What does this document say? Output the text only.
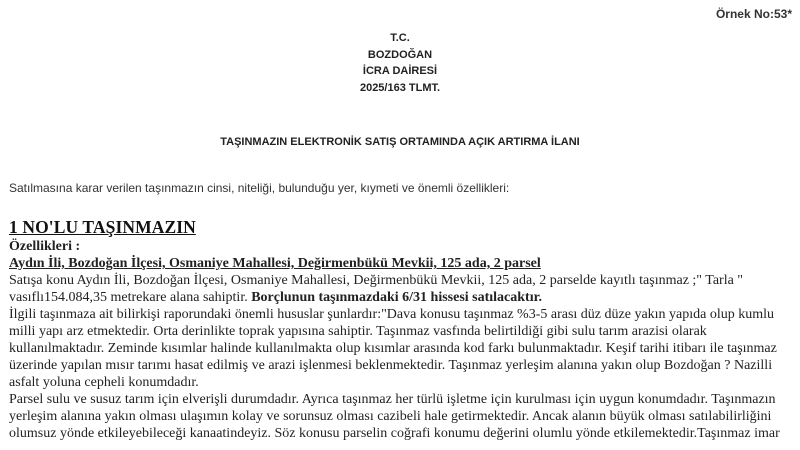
Örnek No:53*
T.C.
BOZDOĞAN
İCRA DAİRESİ
2025/163 TLMT.
TAŞINMAZIN ELEKTRONİK SATIŞ ORTAMINDA AÇIK ARTIRMA İLANI
Satılmasına karar verilen taşınmazın cinsi, niteliği, bulunduğu yer, kıymeti ve önemli özellikleri:
1 NO'LU TAŞINMAZIN

Özellikleri :

Aydın İli, Bozdoğan İlçesi, Osmaniye Mahallesi, Değirmenbükü Mevkii, 125 ada, 2 parsel

Satışa konu Aydın İli, Bozdoğan İlçesi, Osmaniye Mahallesi, Değirmenbükü Mevkii, 125 ada, 2 parselde kayıtlı taşınmaz ;" Tarla " vasıflı154.084,35 metrekare alana sahiptir. Borçlunun taşınmazdaki 6/31 hissesi satılacaktır.

İlgili taşınmaza ait bilirkişi raporundaki önemli hususlar şunlardır:"Dava konusu taşınmaz %3-5 arası düz düze yakın yapıda olup kumlu milli yapı arz etmektedir. Orta derinlikte toprak yapısına sahiptir. Taşınmaz vasfında belirtildiği gibi sulu tarım arazisi olarak kullanılmaktadır. Zeminde kısımlar halinde kullanılmakta olup kısımlar arasında kod farkı bulunmaktadır. Keşif tarihi itibarı ile taşınmaz üzerinde yapılan mısır tarımı hasat edilmiş ve arazi işlenmesi beklenmektedir. Taşınmaz yerleşim alanına yakın olup Bozdoğan ? Nazilli asfalt yoluna cepheli konumdadır.

Parsel sulu ve susuz tarım için elverişli durumdadır. Ayrıca taşınmaz her türlü işletme için kurulması için uygun konumdadır. Taşınmazın yerleşim alanına yakın olması ulaşımın kolay ve sorunsuz olması cazibeli hale getirmektedir. Ancak alanın büyük olması satılabilirliğini olumsuz yönde etkileyebileceği kanaatindeyiz. Söz konusu parselin coğrafi konumu değerini olumlu yönde etkilemektedir.Taşınmaz imar
